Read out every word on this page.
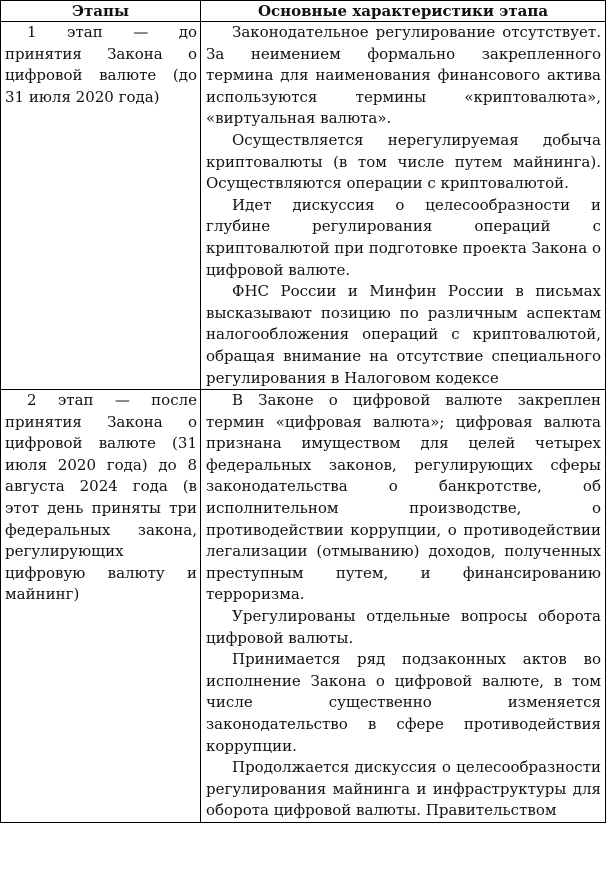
Этапы	Основные характеристики этапа

1 этап — до принятия Закона о цифровой валюте (до 31 июля 2020 года)	Законодательное регулирование отсутствует. За неимением формально закрепленного термина для наименования финансового актива используются термины «криптовалюта», «виртуальная валюта».

Осуществляется нерегулируемая добыча криптовалюты (в том числе путем майнинга). Осуществляются операции с криптовалютой.

Идет дискуссия о целесообразности и глубине регулирования операций с криптовалютой при подготовке проекта Закона о цифровой валюте.

ФНС России и Минфин России в письмах высказывают позицию по различным аспектам налогообложения операций с криптовалютой, обращая внимание на отсутствие специального регулирования в Налоговом кодексе

2 этап — после принятия Закона о цифровой валюте (31 июля 2020 года) до 8 августа 2024 года (в этот день приняты три федеральных закона, регулирующих цифровую валюту и майнинг)	В Законе о цифровой валюте закреплен термин «цифровая валюта»; цифровая валюта признана имуществом для целей четырех федеральных законов, регулирующих сферы законодательства о банкротстве, об исполнительном производстве, о противодействии коррупции, о противодействии легализации (отмыванию) доходов, полученных преступным путем, и финансированию терроризма.

Урегулированы отдельные вопросы оборота цифровой валюты.

Принимается ряд подзаконных актов во исполнение Закона о цифровой валюте, в том числе существенно изменяется законодательство в сфере противодействия коррупции.

Продолжается дискуссия о целесообразности регулирования майнинга и инфраструктуры для оборота цифровой валюты. Правительством
